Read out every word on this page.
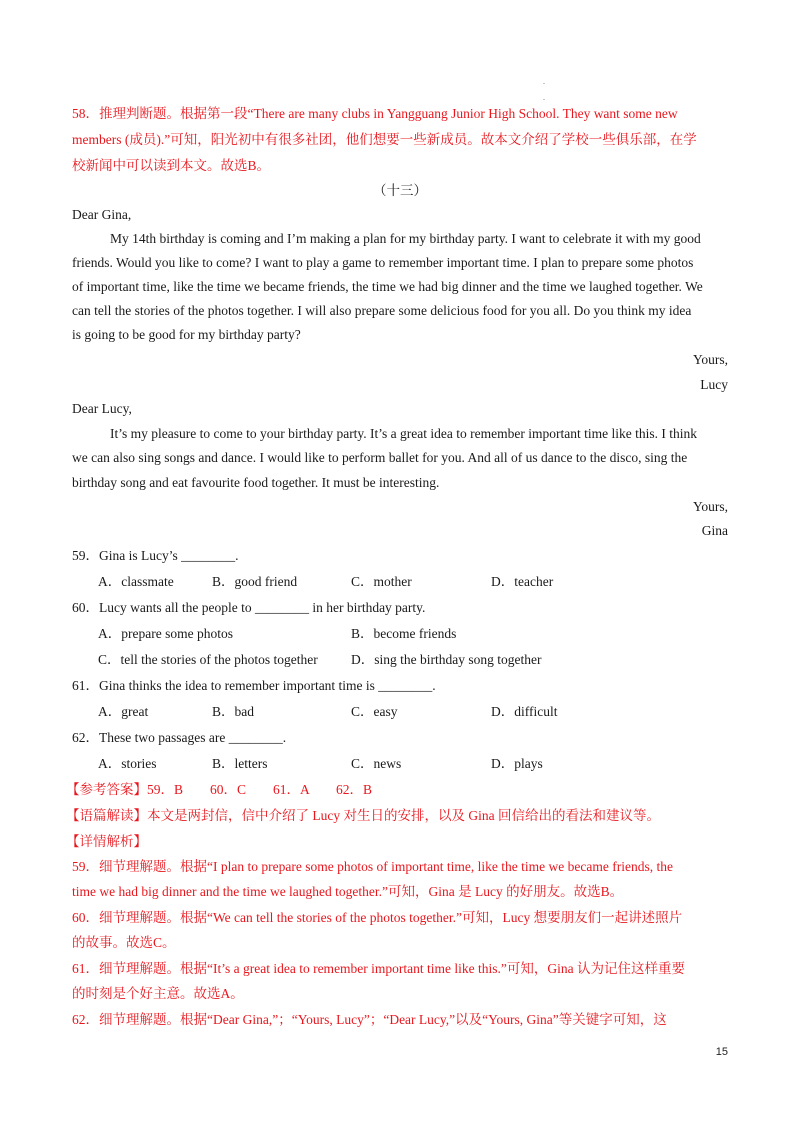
.
.
58．推理判断题。根据第一段“There are many clubs in Yangguang Junior High School. They want some new
members (成员).”可知，阳光初中有很多社团，他们想要一些新成员。故本文介绍了学校一些俱乐部，在学
校新闻中可以读到本文。故选B。
（十三）
Dear Gina,
My 14th birthday is coming and I’m making a plan for my birthday party. I want to celebrate it with my good
friends. Would you like to come? I want to play a game to remember important time. I plan to prepare some photos
of important time, like the time we became friends, the time we had big dinner and the time we laughed together. We
can tell the stories of the photos together. I will also prepare some delicious food for you all. Do you think my idea
is going to be good for my birthday party?
Yours,
Lucy
Dear Lucy,
It’s my pleasure to come to your birthday party. It’s a great idea to remember important time like this. I think
we can also sing songs and dance. I would like to perform ballet for you. And all of us dance to the disco, sing the
birthday song and eat favourite food together. It must be interesting.
Yours,
Gina
59．Gina is Lucy’s ________.
A．classmate	B．good friend	C．mother	D．teacher
60．Lucy wants all the people to ________ in her birthday party.
A．prepare some photos	B．become friends
C．tell the stories of the photos together D．sing the birthday song together
61．Gina thinks the idea to remember important time is ________.
A．great	B．bad	C．easy	D．difficult
62．These two passages are ________.
A．stories	B．letters	C．news	D．plays
【参考答案】59．B　　60．C　　61．A　　62．B
【语篇解读】本文是两封信，信中介绍了 Lucy 对生日的安排，以及 Gina 回信给出的看法和建议等。
【详情解析】
59．细节理解题。根据“I plan to prepare some photos of important time, like the time we became friends, the
time we had big dinner and the time we laughed together.”可知，Gina 是 Lucy 的好朋友。故选B。
60．细节理解题。根据“We can tell the stories of the photos together.”可知，Lucy 想要朋友们一起讲述照片
的故事。故选C。
61．细节理解题。根据“It’s a great idea to remember important time like this.”可知，Gina 认为记住这样重要
的时刻是个好主意。故选A。
62．细节理解题。根据“Dear Gina,”；“Yours, Lucy”；“Dear Lucy,”以及“Yours, Gina”等关键字可知，这
15
